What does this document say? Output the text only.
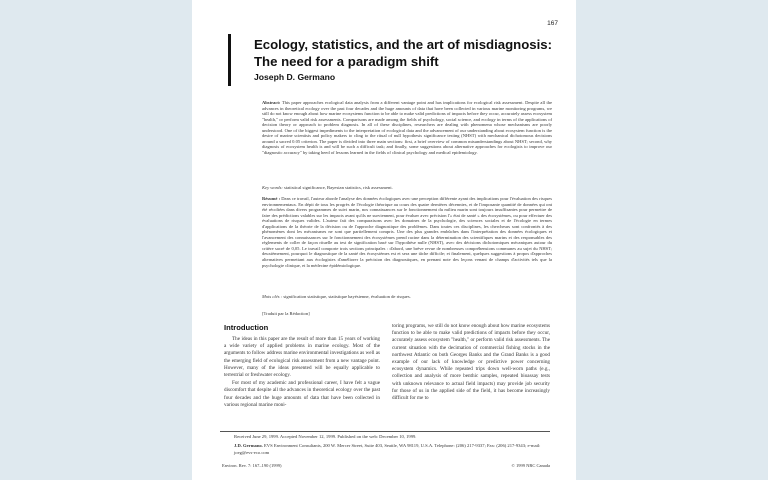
167
Ecology, statistics, and the art of misdiagnosis: The need for a paradigm shift
Joseph D. Germano
Abstract: This paper approaches ecological data analysis from a different vantage point and has implications for ecological risk assessment. Despite all the advances in theoretical ecology over the past four decades and the huge amounts of data that have been collected in various marine monitoring programs, we still do not know enough about how marine ecosystems function to be able to make valid predictions of impacts before they occur, accurately assess ecosystem "health," or perform valid risk assessments. Comparisons are made among the fields of psychology, social science, and ecology in terms of the applications of decision theory or approach to problem diagnosis. In all of these disciplines, researchers are dealing with phenomena whose mechanisms are poorly understood. One of the biggest impediments to the interpretation of ecological data and the advancement of our understanding about ecosystem function is the desire of marine scientists and policy makers to cling to the ritual of null hypothesis significance testing (NHST) with mechanical dichotomous decisions around a sacred 0.05 criterion. The paper is divided into three main sections: first, a brief overview of common misunderstandings about NHST; second, why diagnosis of ecosystem health is and will be such a difficult task; and finally, some suggestions about alternative approaches for ecologists to improve our "diagnostic accuracy" by taking heed of lessons learned in the fields of clinical psychology and medical epidemiology.
Key words: statistical significance, Bayesian statistics, risk assessment.
Résumé : Dans ce travail, l'auteur aborde l'analyse des données écologiques avec une perception différente ayant des implications pour l'évaluation des risques environnementaux. En dépit de tous les progrès de l'écologie théorique au cours des quatre dernières décennies, et de l'imposante quantité de données qui ont été récoltées dans divers programmes de suivi marin, nos connaissances sur le fonctionnement du milieu marin sont toujours insuffisantes pour permettre de faire des prédictions valables sur les impacts avant qu'ils ne surviennent, pour évaluer avec précision l'« état de santé » des écosystèmes, ou pour effectuer des évaluations de risques valides. L'auteur fait des comparaisons avec les domaines de la psychologie, des sciences sociales et de l'écologie en termes d'applications de la théorie de la décision ou de l'approche diagnostique des problèmes. Dans toutes ces disciplines, les chercheurs sont confrontés à des phénomènes dont les mécanismes ne sont que partiellement compris. Une des plus grandes embûches dans l'interprétation des données écologiques et l'avancement des connaissances sur le fonctionnement des écosystèmes prend racine dans la détermination des scientifiques marins et des responsables des règlements de coller de façon rituelle au test de signification basé sur l'hypothèse nulle (NHST), avec des décisions dichotomiques mécaniques autour du critère sacré de 0,05. Le travail comporte trois sections principales : d'abord, une brève revue de nombreuses compréhensions communes au sujet du NHST; deuxièmement, pourquoi le diagnostique de la santé des écosystèmes est et sera une tâche difficile; et finalement, quelques suggestions à propos d'approches alternatives permettant aux écologistes d'améliorer la précision des diagnostiques, en prenant note des leçons venant de champs d'activités tels que la psychologie clinique, et la médecine épidémiologique.
Mots clés : signification statistique, statistique bayésienne, évaluation de risques.
[Traduit par la Rédaction]
Introduction

The ideas in this paper are the result of more than 15 years of working a wide variety of applied problems in marine ecology. Most of the arguments to follow address marine environmental investigations as well as the emerging field of ecological risk assessment from a new vantage point. However, many of the ideas presented will be equally applicable to terrestrial or freshwater ecology.

For most of my academic and professional career, I have felt a vague discomfort that despite all the advances in theoretical ecology over the past four decades and the huge amounts of data that have been collected in various regional marine moni-

toring programs, we still do not know enough about how marine ecosystems function to be able to make valid predictions of impacts before they occur, accurately assess ecosystem "health," or perform valid risk assessments. The current situation with the decimation of commercial fishing stocks in the northwest Atlantic on both Georges Banks and the Grand Banks is a good example of our lack of knowledge or predictive power concerning ecosystem dynamics. While repeated trips down well-worn paths (e.g., collection and analysis of more benthic samples, repeated bioassay tests with unknown relevance to actual field impacts) may provide job security for those of us in the applied side of the field, it has become increasingly difficult for me to

Received June 29, 1999. Accepted November 12, 1999. Published on the web: December 10, 1999.

J.D. Germano. EVS Environment Consultants, 200 W. Mercer Street, Suite 403, Seattle, WA 98119, U.S.A. Telephone: (206) 217-9337; Fax: (206) 217-9343; e-mail: joeg@evs-eco.com

Environ. Rev. 7: 167–190 (1999)	© 1999 NRC Canada
